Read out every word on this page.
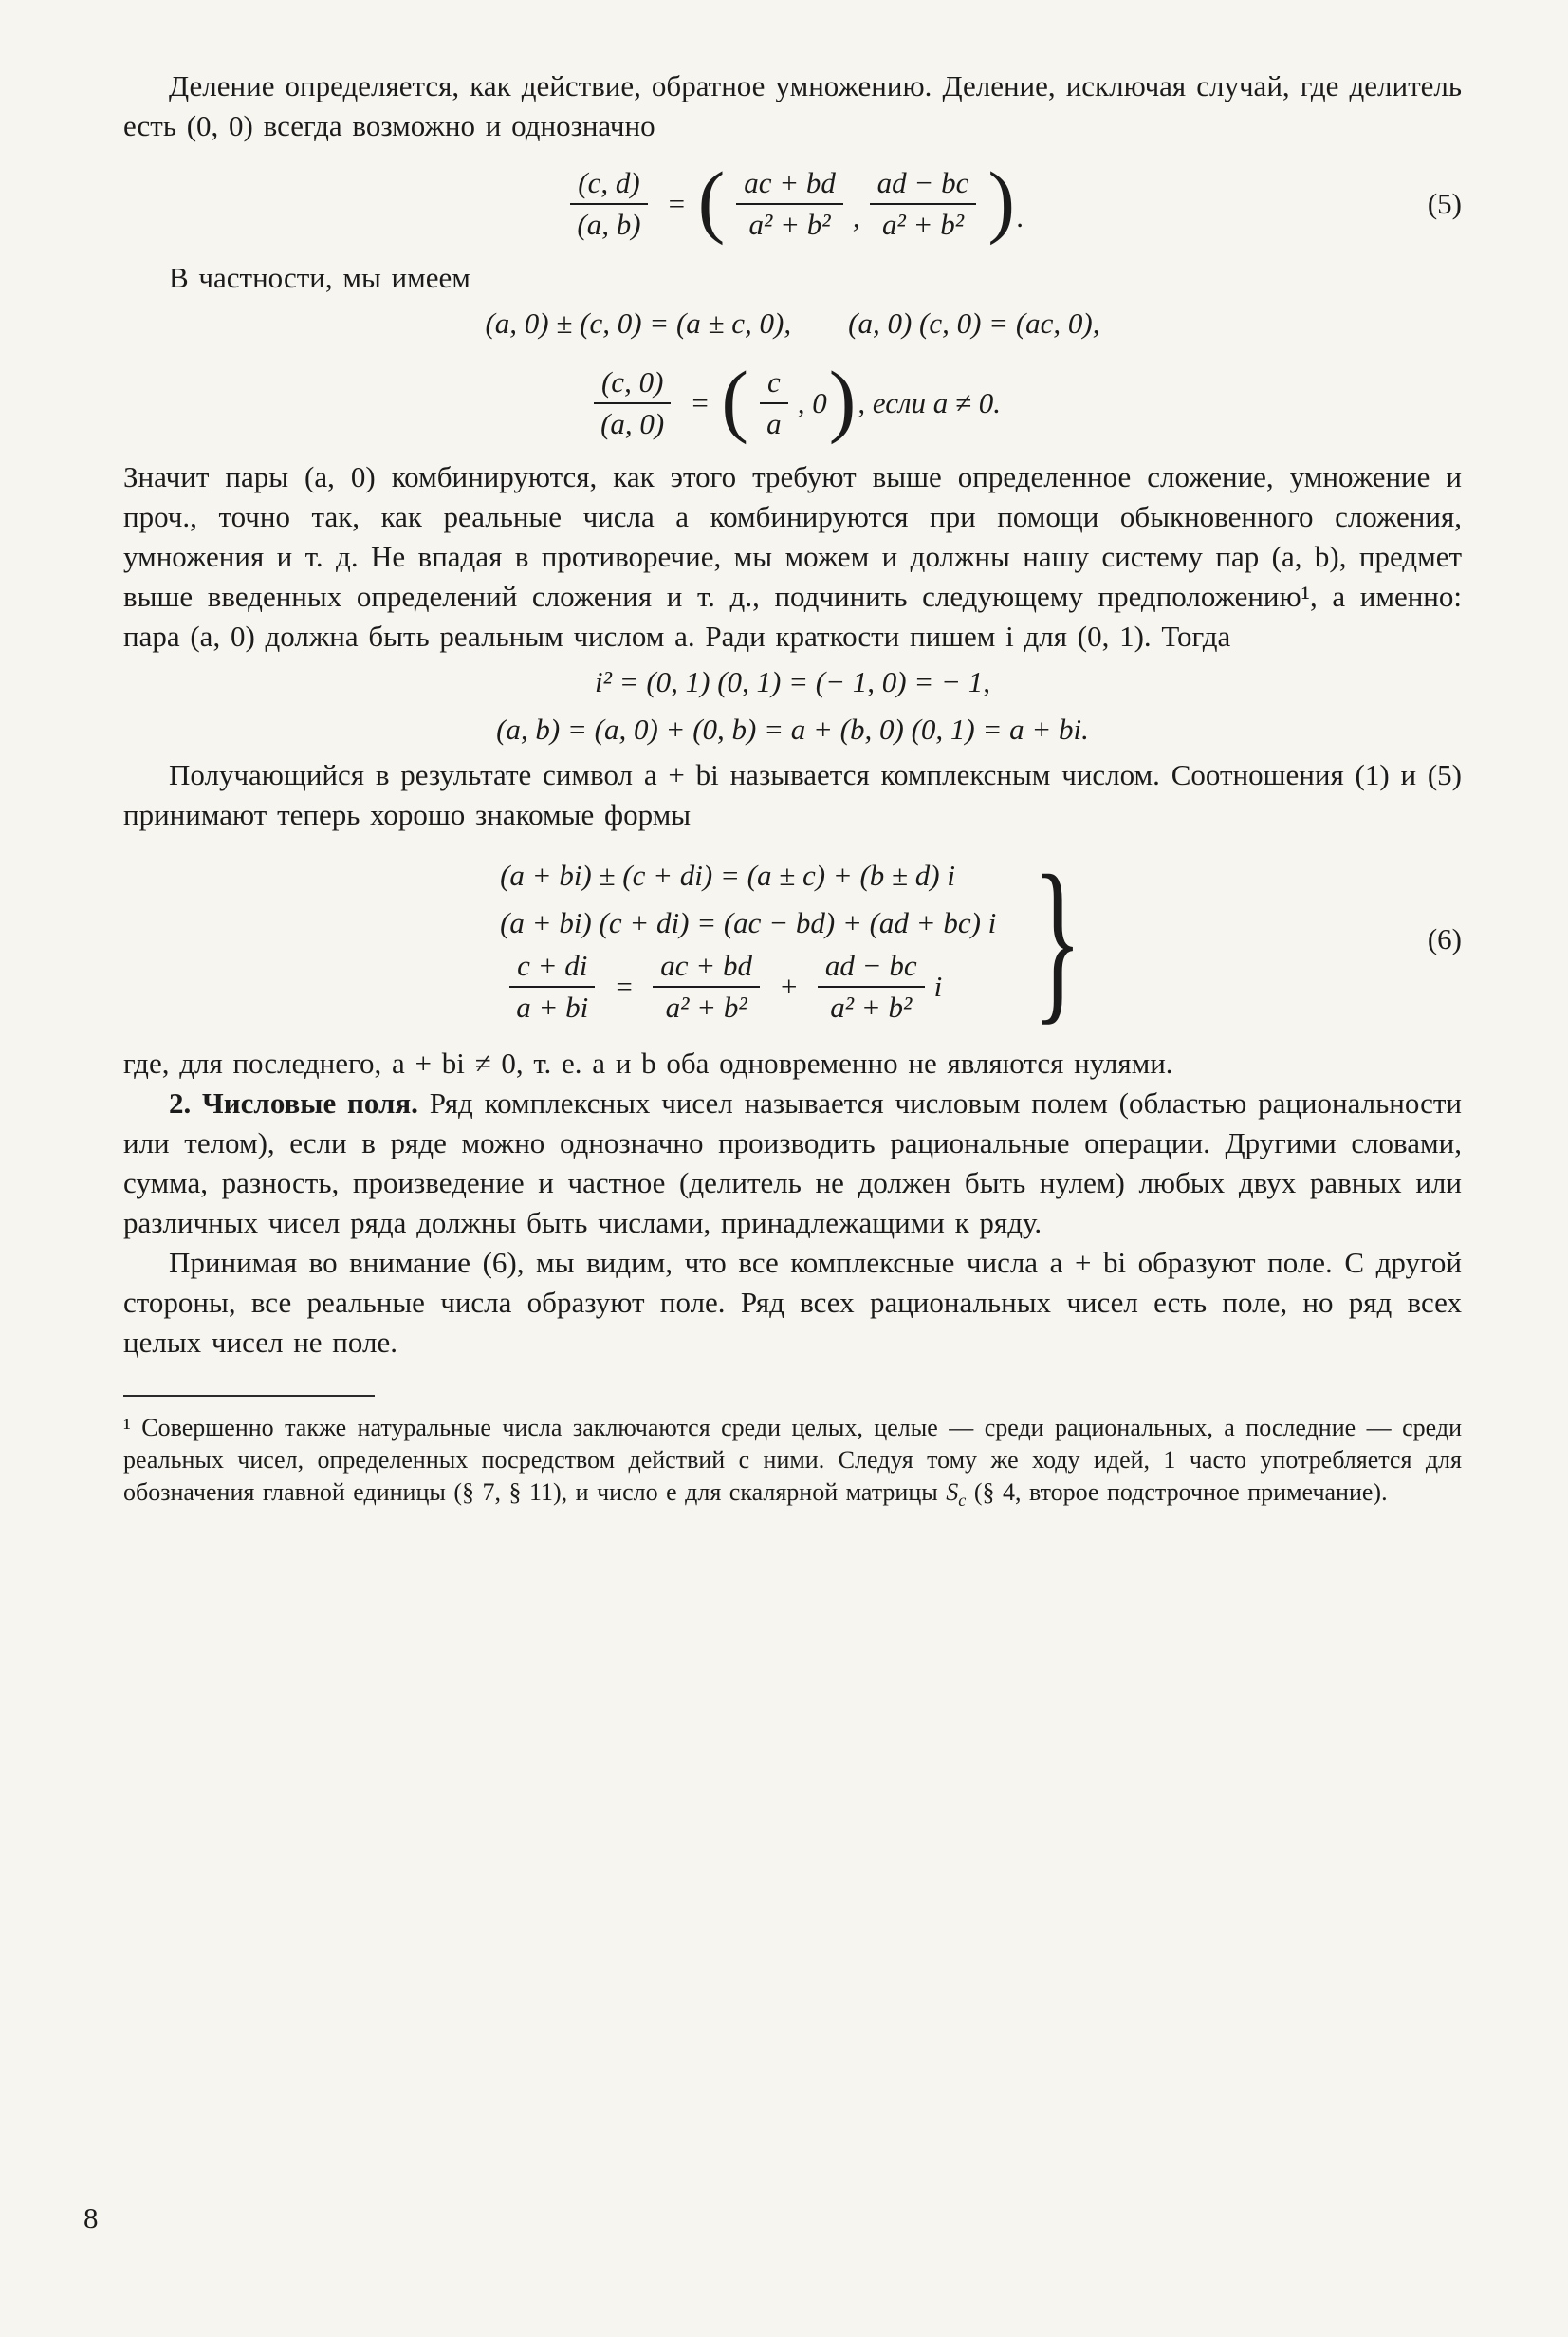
Деление определяется, как действие, обратное умножению. Деление, исключая случай, где делитель есть (0, 0) всегда возможно и однозначно

$\frac{(c, d)}{(a, b)}$ = ( $\frac{ac + bd}{\text{a² + b²}}$ , $\frac{ad - bc}{\text{a² + b²}}$ ) .	(5)

В частности, мы имеем

(a, 0) ± (c, 0) = (a ± c, 0), (a, 0) (c, 0) = (ac, 0),
$\frac{(c, 0)}{(a, 0)}$ = ( $\frac{c}{a}$ , 0 ) , если a ≠ 0.

Значит пары (a, 0) комбинируются, как этого требуют выше определенное сложение, умножение и проч., точно так, как реальные числа a комбинируются при помощи обыкновенного сложения, умножения и т. д. Не впадая в противоречие, мы можем и должны нашу систему пар (a, b), предмет выше введенных определений сложения и т. д., подчинить следующему предположению¹, а именно: пара (a, 0) должна быть реальным числом a. Ради краткости пишем i для (0, 1). Тогда

i² = (0, 1) (0, 1) = (− 1, 0) = − 1,
(a, b) = (a, 0) + (0, b) = a + (b, 0) (0, 1) = a + bi.

Получающийся в результате символ a + bi называется комплексным числом. Соотношения (1) и (5) принимают теперь хорошо знакомые формы

(a + bi) ± (c + di) = (a ± c) + (b ± d) i
(a + bi) (c + di) = (ac − bd) + (ad + bc) i
$\frac{c + di}{a + bi} = \frac{ac + bd}{\text{a² + b²}} + \frac{ad - bc}{\text{a² + b²}}$ i }	(6)

где, для последнего, a + bi ≠ 0, т. е. a и b оба одновременно не являются нулями.

2. Числовые поля. Ряд комплексных чисел называется числовым полем (областью рациональности или телом), если в ряде можно однозначно производить рациональные операции. Другими словами, сумма, разность, произведение и частное (делитель не должен быть нулем) любых двух равных или различных чисел ряда должны быть числами, принадлежащими к ряду.

Принимая во внимание (6), мы видим, что все комплексные числа a + bi образуют поле. С другой стороны, все реальные числа образуют поле. Ряд всех рациональных чисел есть поле, но ряд всех целых чисел не поле.

¹ Совершенно также натуральные числа заключаются среди целых, целые — среди рациональных, а последние — среди реальных чисел, определенных посредством действий с ними. Следуя тому же ходу идей, 1 часто употребляется для обозначения главной единицы (§ 7, § 11), и число e для скалярной матрицы $S_c$ (§ 4, второе подстрочное примечание).

8
